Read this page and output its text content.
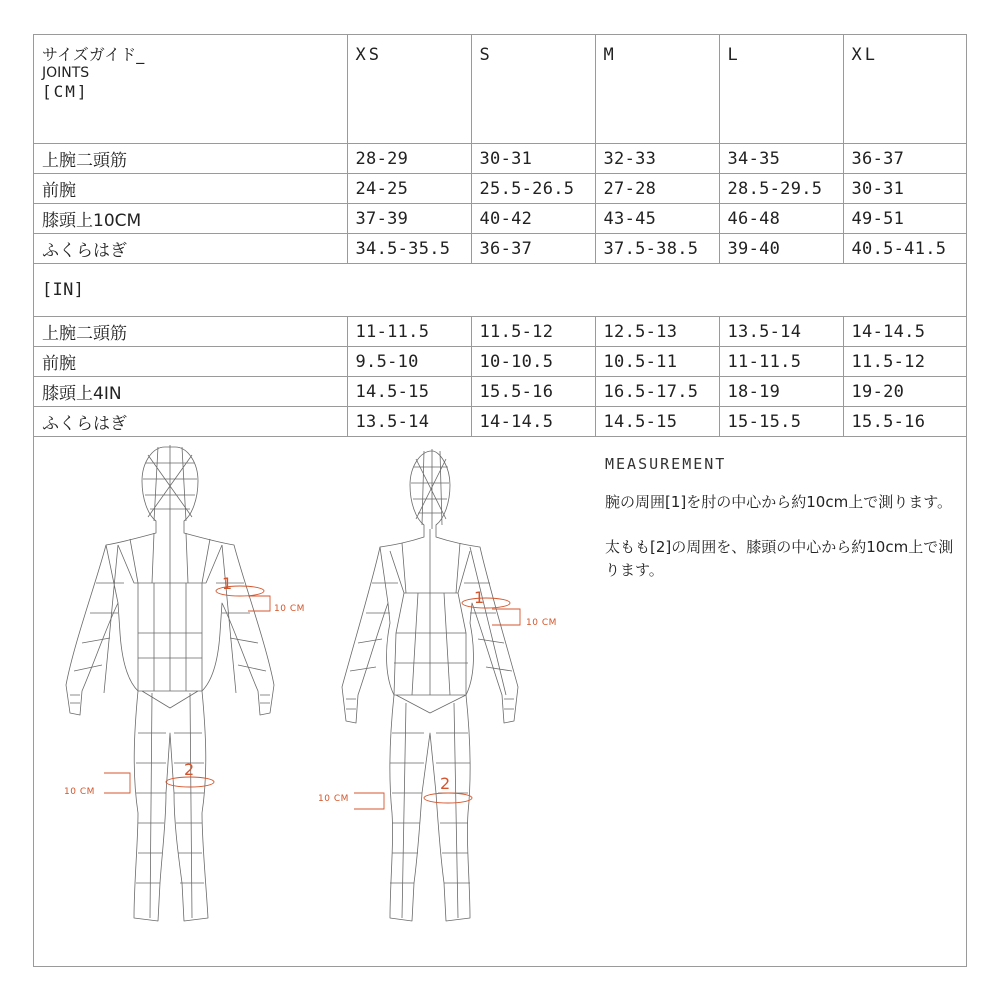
サイズガイド_
JOINTS
[CM]	XS	S	M	L	XL
上腕二頭筋	28-29	30-31	32-33	34-35	36-37
前腕	24-25	25.5-26.5	27-28	28.5-29.5	30-31
膝頭上10CM	37-39	40-42	43-45	46-48	49-51
ふくらはぎ	34.5-35.5	36-37	37.5-38.5	39-40	40.5-41.5
[IN]					
上腕二頭筋	11-11.5	11.5-12	12.5-13	13.5-14	14-14.5
前腕	9.5-10	10-10.5	10.5-11	11-11.5	11.5-12
膝頭上4IN	14.5-15	15.5-16	16.5-17.5	18-19	19-20
ふくらはぎ	13.5-14	14-14.5	14.5-15	15-15.5	15.5-16
1
10 CM
10 CM
2
1
10 CM
10 CM
2
MEASUREMENT

腕の周囲[1]を肘の中心から約10cm上で測ります。

太もも[2]の周囲を、膝頭の中心から約10cm上で測ります。
